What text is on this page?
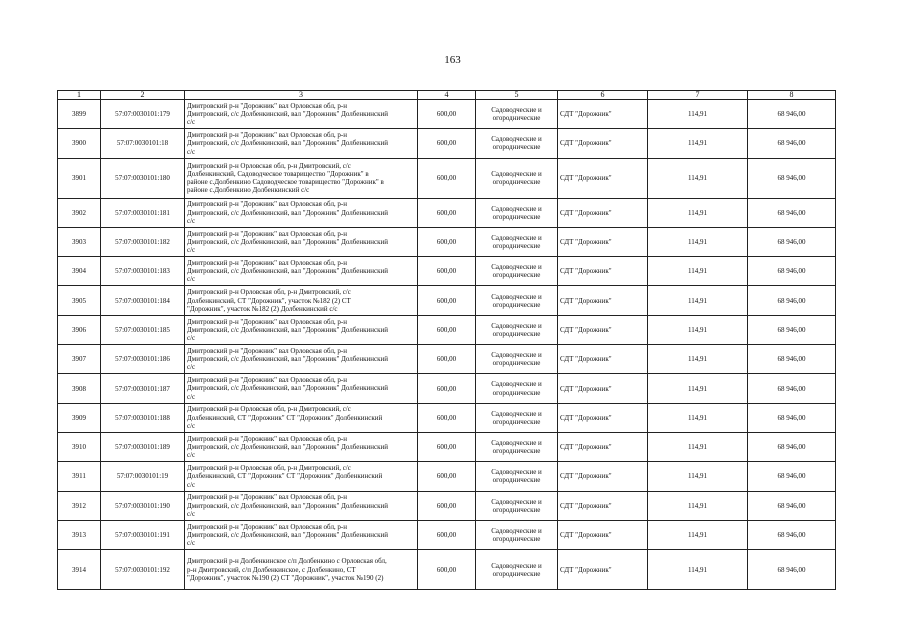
163
1	2	3	4	5	6	7	8
3899	57:07:0030101:179	Дмитровский р-н "Дорожник" вал Орловская обл, р-н
Дмитровский, с/с Долбенкинский, вал "Дорожник" Долбенкинский
с/с	600,00	Садоводческие и огороднические	СДТ "Дорожник"	114,91	68 946,00
3900	57:07:0030101:18	Дмитровский р-н "Дорожник" вал Орловская обл, р-н
Дмитровский, с/с Долбенкинский, вал "Дорожник" Долбенкинский
с/с	600,00	Садоводческие и огороднические	СДТ "Дорожник"	114,91	68 946,00
3901	57:07:0030101:180	Дмитровский р-н Орловская обл, р-н Дмитровский, с/с
Долбенкинский, Садоводческое товарищество "Дорожник" в
районе с.Долбенкино Садоводческое товарищество "Дорожник" в
районе с.Долбенкино Долбенкинский с/с	600,00	Садоводческие и огороднические	СДТ "Дорожник"	114,91	68 946,00
3902	57:07:0030101:181	Дмитровский р-н "Дорожник" вал Орловская обл, р-н
Дмитровский, с/с Долбенкинский, вал "Дорожник" Долбенкинский
с/с	600,00	Садоводческие и огороднические	СДТ "Дорожник"	114,91	68 946,00
3903	57:07:0030101:182	Дмитровский р-н "Дорожник" вал Орловская обл, р-н
Дмитровский, с/с Долбенкинский, вал "Дорожник" Долбенкинский
с/с	600,00	Садоводческие и огороднические	СДТ "Дорожник"	114,91	68 946,00
3904	57:07:0030101:183	Дмитровский р-н "Дорожник" вал Орловская обл, р-н
Дмитровский, с/с Долбенкинский, вал "Дорожник" Долбенкинский
с/с	600,00	Садоводческие и огороднические	СДТ "Дорожник"	114,91	68 946,00
3905	57:07:0030101:184	Дмитровский р-н Орловская обл, р-н Дмитровский, с/с
Долбенкинский, СТ "Дорожник", участок №182 (2) СТ
"Дорожник", участок №182 (2) Долбенкинский с/с	600,00	Садоводческие и огороднические	СДТ "Дорожник"	114,91	68 946,00
3906	57:07:0030101:185	Дмитровский р-н "Дорожник" вал Орловская обл, р-н
Дмитровский, с/с Долбенкинский, вал "Дорожник" Долбенкинский
с/с	600,00	Садоводческие и огороднические	СДТ "Дорожник"	114,91	68 946,00
3907	57:07:0030101:186	Дмитровский р-н "Дорожник" вал Орловская обл, р-н
Дмитровский, с/с Долбенкинский, вал "Дорожник" Долбенкинский
с/с	600,00	Садоводческие и огороднические	СДТ "Дорожник"	114,91	68 946,00
3908	57:07:0030101:187	Дмитровский р-н "Дорожник" вал Орловская обл, р-н
Дмитровский, с/с Долбенкинский, вал "Дорожник" Долбенкинский
с/с	600,00	Садоводческие и огороднические	СДТ "Дорожник"	114,91	68 946,00
3909	57:07:0030101:188	Дмитровский р-н Орловская обл, р-н Дмитровский, с/с
Долбенкинский, СТ "Дорожник" СТ "Дорожник" Долбенкинский
с/с	600,00	Садоводческие и огороднические	СДТ "Дорожник"	114,91	68 946,00
3910	57:07:0030101:189	Дмитровский р-н "Дорожник" вал Орловская обл, р-н
Дмитровский, с/с Долбенкинский, вал "Дорожник" Долбенкинский
с/с	600,00	Садоводческие и огороднические	СДТ "Дорожник"	114,91	68 946,00
3911	57:07:0030101:19	Дмитровский р-н Орловская обл, р-н Дмитровский, с/с
Долбенкинский, СТ "Дорожник" СТ "Дорожник" Долбенкинский
с/с	600,00	Садоводческие и огороднические	СДТ "Дорожник"	114,91	68 946,00
3912	57:07:0030101:190	Дмитровский р-н "Дорожник" вал Орловская обл, р-н
Дмитровский, с/с Долбенкинский, вал "Дорожник" Долбенкинский
с/с	600,00	Садоводческие и огороднические	СДТ "Дорожник"	114,91	68 946,00
3913	57:07:0030101:191	Дмитровский р-н "Дорожник" вал Орловская обл, р-н
Дмитровский, с/с Долбенкинский, вал "Дорожник" Долбенкинский
с/с	600,00	Садоводческие и огороднические	СДТ "Дорожник"	114,91	68 946,00
3914	57:07:0030101:192	Дмитровский р-н Долбенкинское с/п Долбенкино с Орловская обл,
р-н Дмитровский, с/п Долбенкинское, с Долбенкино, СТ
"Дорожник", участок №190 (2) СТ "Дорожник", участок №190 (2)	600,00	Садоводческие и огороднические	СДТ "Дорожник"	114,91	68 946,00
